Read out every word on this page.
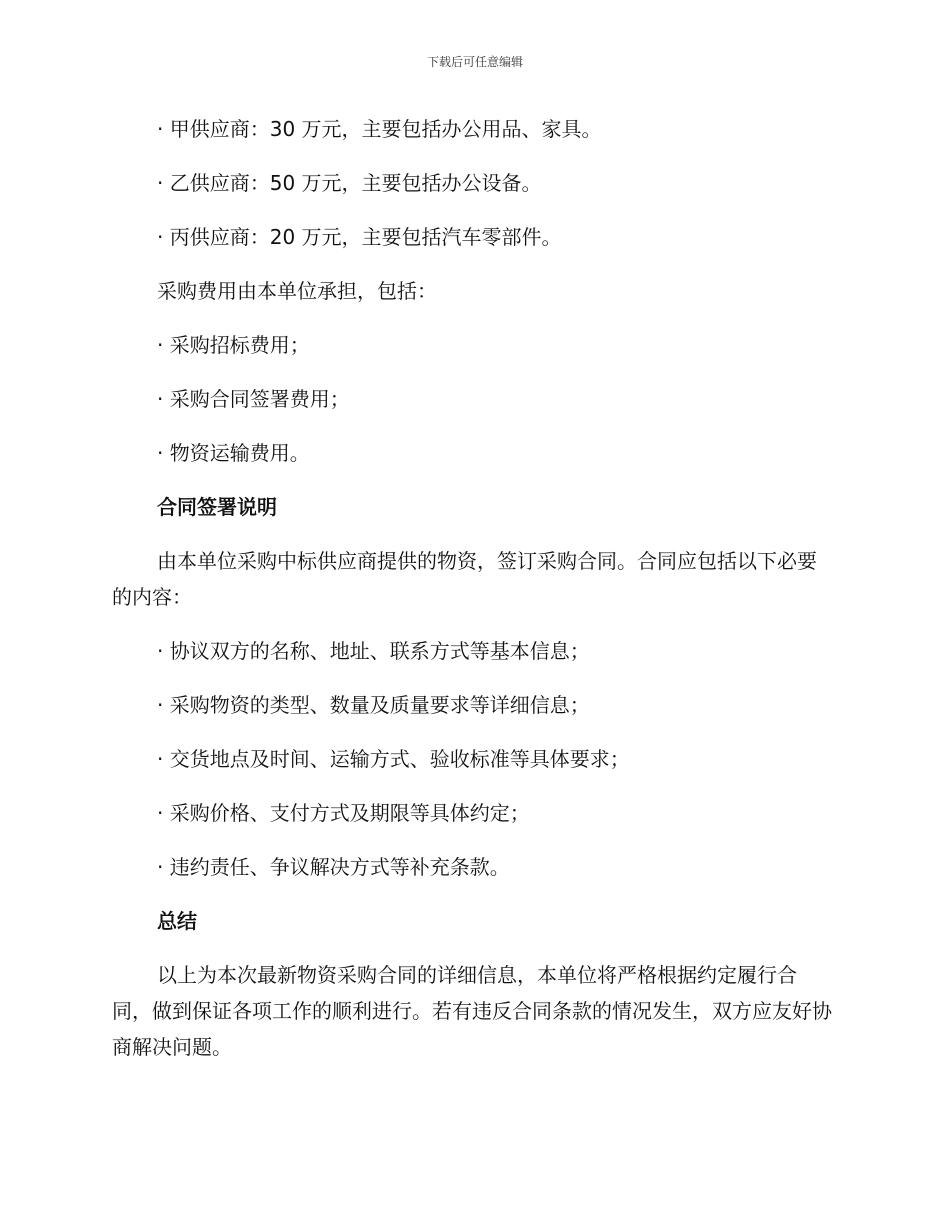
下载后可任意编辑

· 甲供应商：30 万元，主要包括办公用品、家具。

· 乙供应商：50 万元，主要包括办公设备。

· 丙供应商：20 万元，主要包括汽车零部件。

采购费用由本单位承担，包括：

· 采购招标费用；

· 采购合同签署费用；

· 物资运输费用。

合同签署说明

由本单位采购中标供应商提供的物资，签订采购合同。合同应包括以下必要的内容：

· 协议双方的名称、地址、联系方式等基本信息；

· 采购物资的类型、数量及质量要求等详细信息；

· 交货地点及时间、运输方式、验收标准等具体要求；

· 采购价格、支付方式及期限等具体约定；

· 违约责任、争议解决方式等补充条款。

总结

以上为本次最新物资采购合同的详细信息，本单位将严格根据约定履行合同，做到保证各项工作的顺利进行。若有违反合同条款的情况发生，双方应友好协商解决问题。
